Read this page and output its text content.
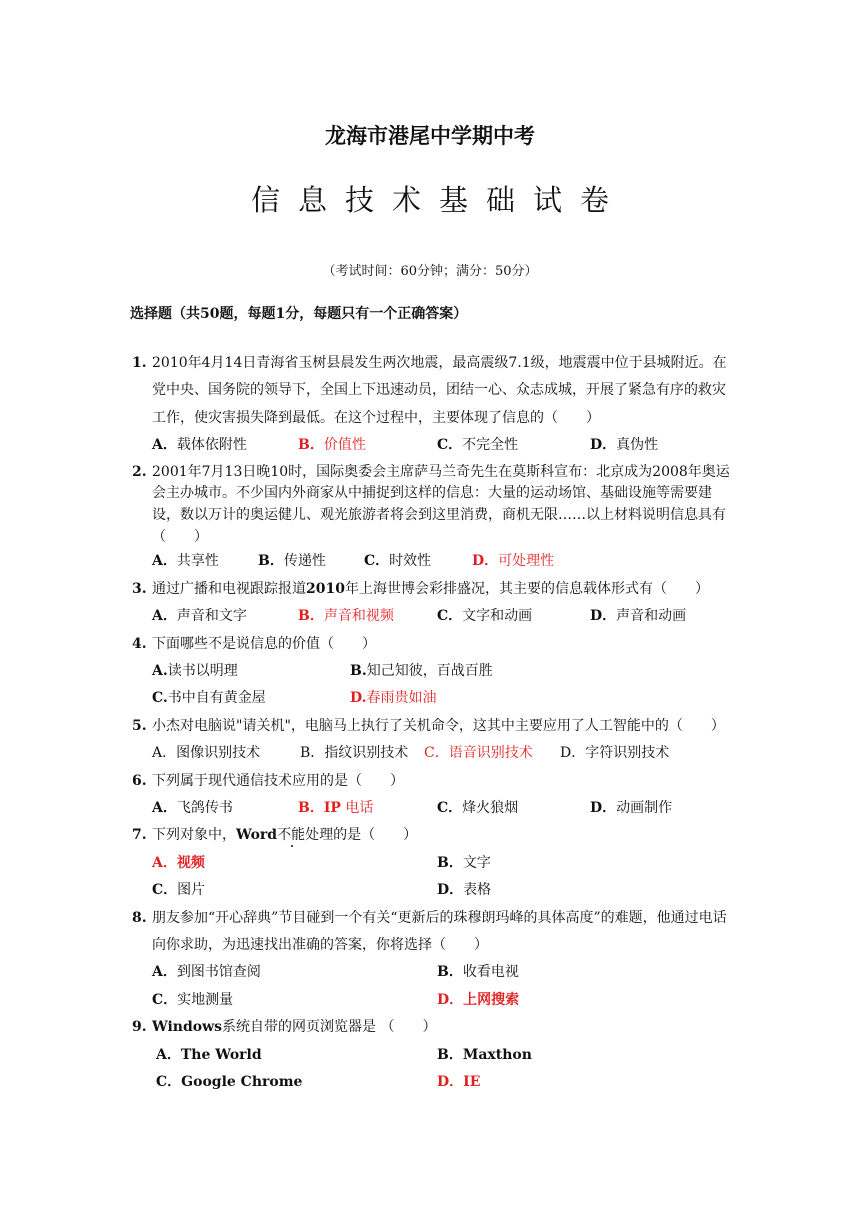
龙海市港尾中学期中考
信息技术基础试卷
（考试时间：60分钟；满分：50分）
选择题（共50题，每题1分，每题只有一个正确答案）
1. 2010年4月14日青海省玉树县晨发生两次地震，最高震级7.1级，地震震中位于县城附近。在党中央、国务院的领导下，全国上下迅速动员，团结一心、众志成城，开展了紧急有序的救灾工作，使灾害损失降到最低。在这个过程中，主要体现了信息的（　　）
A．载体依附性	B．价值性	C．不完全性	D．真伪性
2. 2001年7月13日晚10时，国际奥委会主席萨马兰奇先生在莫斯科宣布：北京成为2008年奥运会主办城市。不少国内外商家从中捕捉到这样的信息：大量的运动场馆、基础设施等需要建设，数以万计的奥运健儿、观光旅游者将会到这里消费，商机无限……以上材料说明信息具有（　　）
A．共享性	B．传递性	C．时效性	D．可处理性
3. 通过广播和电视跟踪报道2010年上海世博会彩排盛况，其主要的信息载体形式有（　　）
A．声音和文字	B．声音和视频	C．文字和动画	D．声音和动画
4. 下面哪些不是说信息的价值（　　）
A.读书以明理	B.知己知彼，百战百胜
C.书中自有黄金屋	D.春雨贵如油
5. 小杰对电脑说"请关机"，电脑马上执行了关机命令，这其中主要应用了人工智能中的（　　）
A．图像识别技术	B．指纹识别技术 C．语音识别技术 D．字符识别技术
6. 下列属于现代通信技术应用的是（　　）
A．飞鸽传书	B．IP 电话	C．烽火狼烟	D．动画制作
7. 下列对象中，Word不能处理的是（　　）
A．视频	B．文字
C．图片	D．表格
8. 朋友参加“开心辞典”节目碰到一个有关“更新后的珠穆朗玛峰的具体高度”的难题，他通过电话向你求助，为迅速找出准确的答案，你将选择（　　）
A．到图书馆查阅	B．收看电视
C．实地测量	D．上网搜索
9. Windows系统自带的网页浏览器是 （　　）
A．The World	B．Maxthon
C．Google Chrome	D．IE
